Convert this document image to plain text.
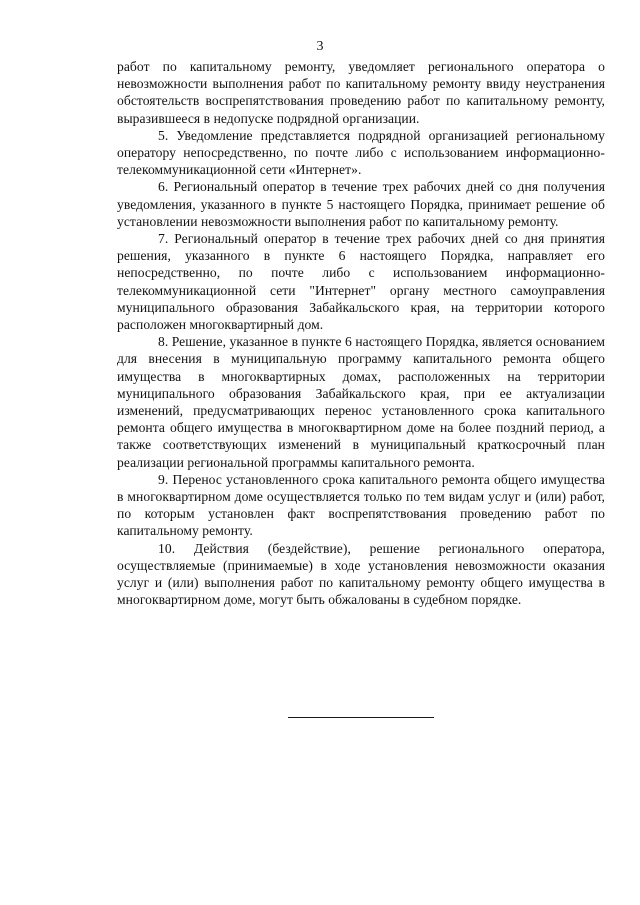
3

работ по капитальному ремонту, уведомляет регионального оператора о невозможности выполнения работ по капитальному ремонту ввиду неустранения обстоятельств воспрепятствования проведению работ по капитальному ремонту, выразившееся в недопуске подрядной организации.

5. Уведомление представляется подрядной организацией региональному оператору непосредственно, по почте либо с использованием информационно-телекоммуникационной сети «Интернет».

6. Региональный оператор в течение трех рабочих дней со дня получения уведомления, указанного в пункте 5 настоящего Порядка, принимает решение об установлении невозможности выполнения работ по капитальному ремонту.

7. Региональный оператор в течение трех рабочих дней со дня принятия решения, указанного в пункте 6 настоящего Порядка, направляет его непосредственно, по почте либо с использованием информационно-телекоммуникационной сети "Интернет" органу местного самоуправления муниципального образования Забайкальского края, на территории которого расположен многоквартирный дом.

8. Решение, указанное в пункте 6 настоящего Порядка, является основанием для внесения в муниципальную программу капитального ремонта общего имущества в многоквартирных домах, расположенных на территории муниципального образования Забайкальского края, при ее актуализации изменений, предусматривающих перенос установленного срока капитального ремонта общего имущества в многоквартирном доме на более поздний период, а также соответствующих изменений в муниципальный краткосрочный план реализации региональной программы капитального ремонта.

9. Перенос установленного срока капитального ремонта общего имущества в многоквартирном доме осуществляется только по тем видам услуг и (или) работ, по которым установлен факт воспрепятствования проведению работ по капитальному ремонту.

10. Действия (бездействие), решение регионального оператора, осуществляемые (принимаемые) в ходе установления невозможности оказания услуг и (или) выполнения работ по капитальному ремонту общего имущества в многоквартирном доме, могут быть обжалованы в судебном порядке.
